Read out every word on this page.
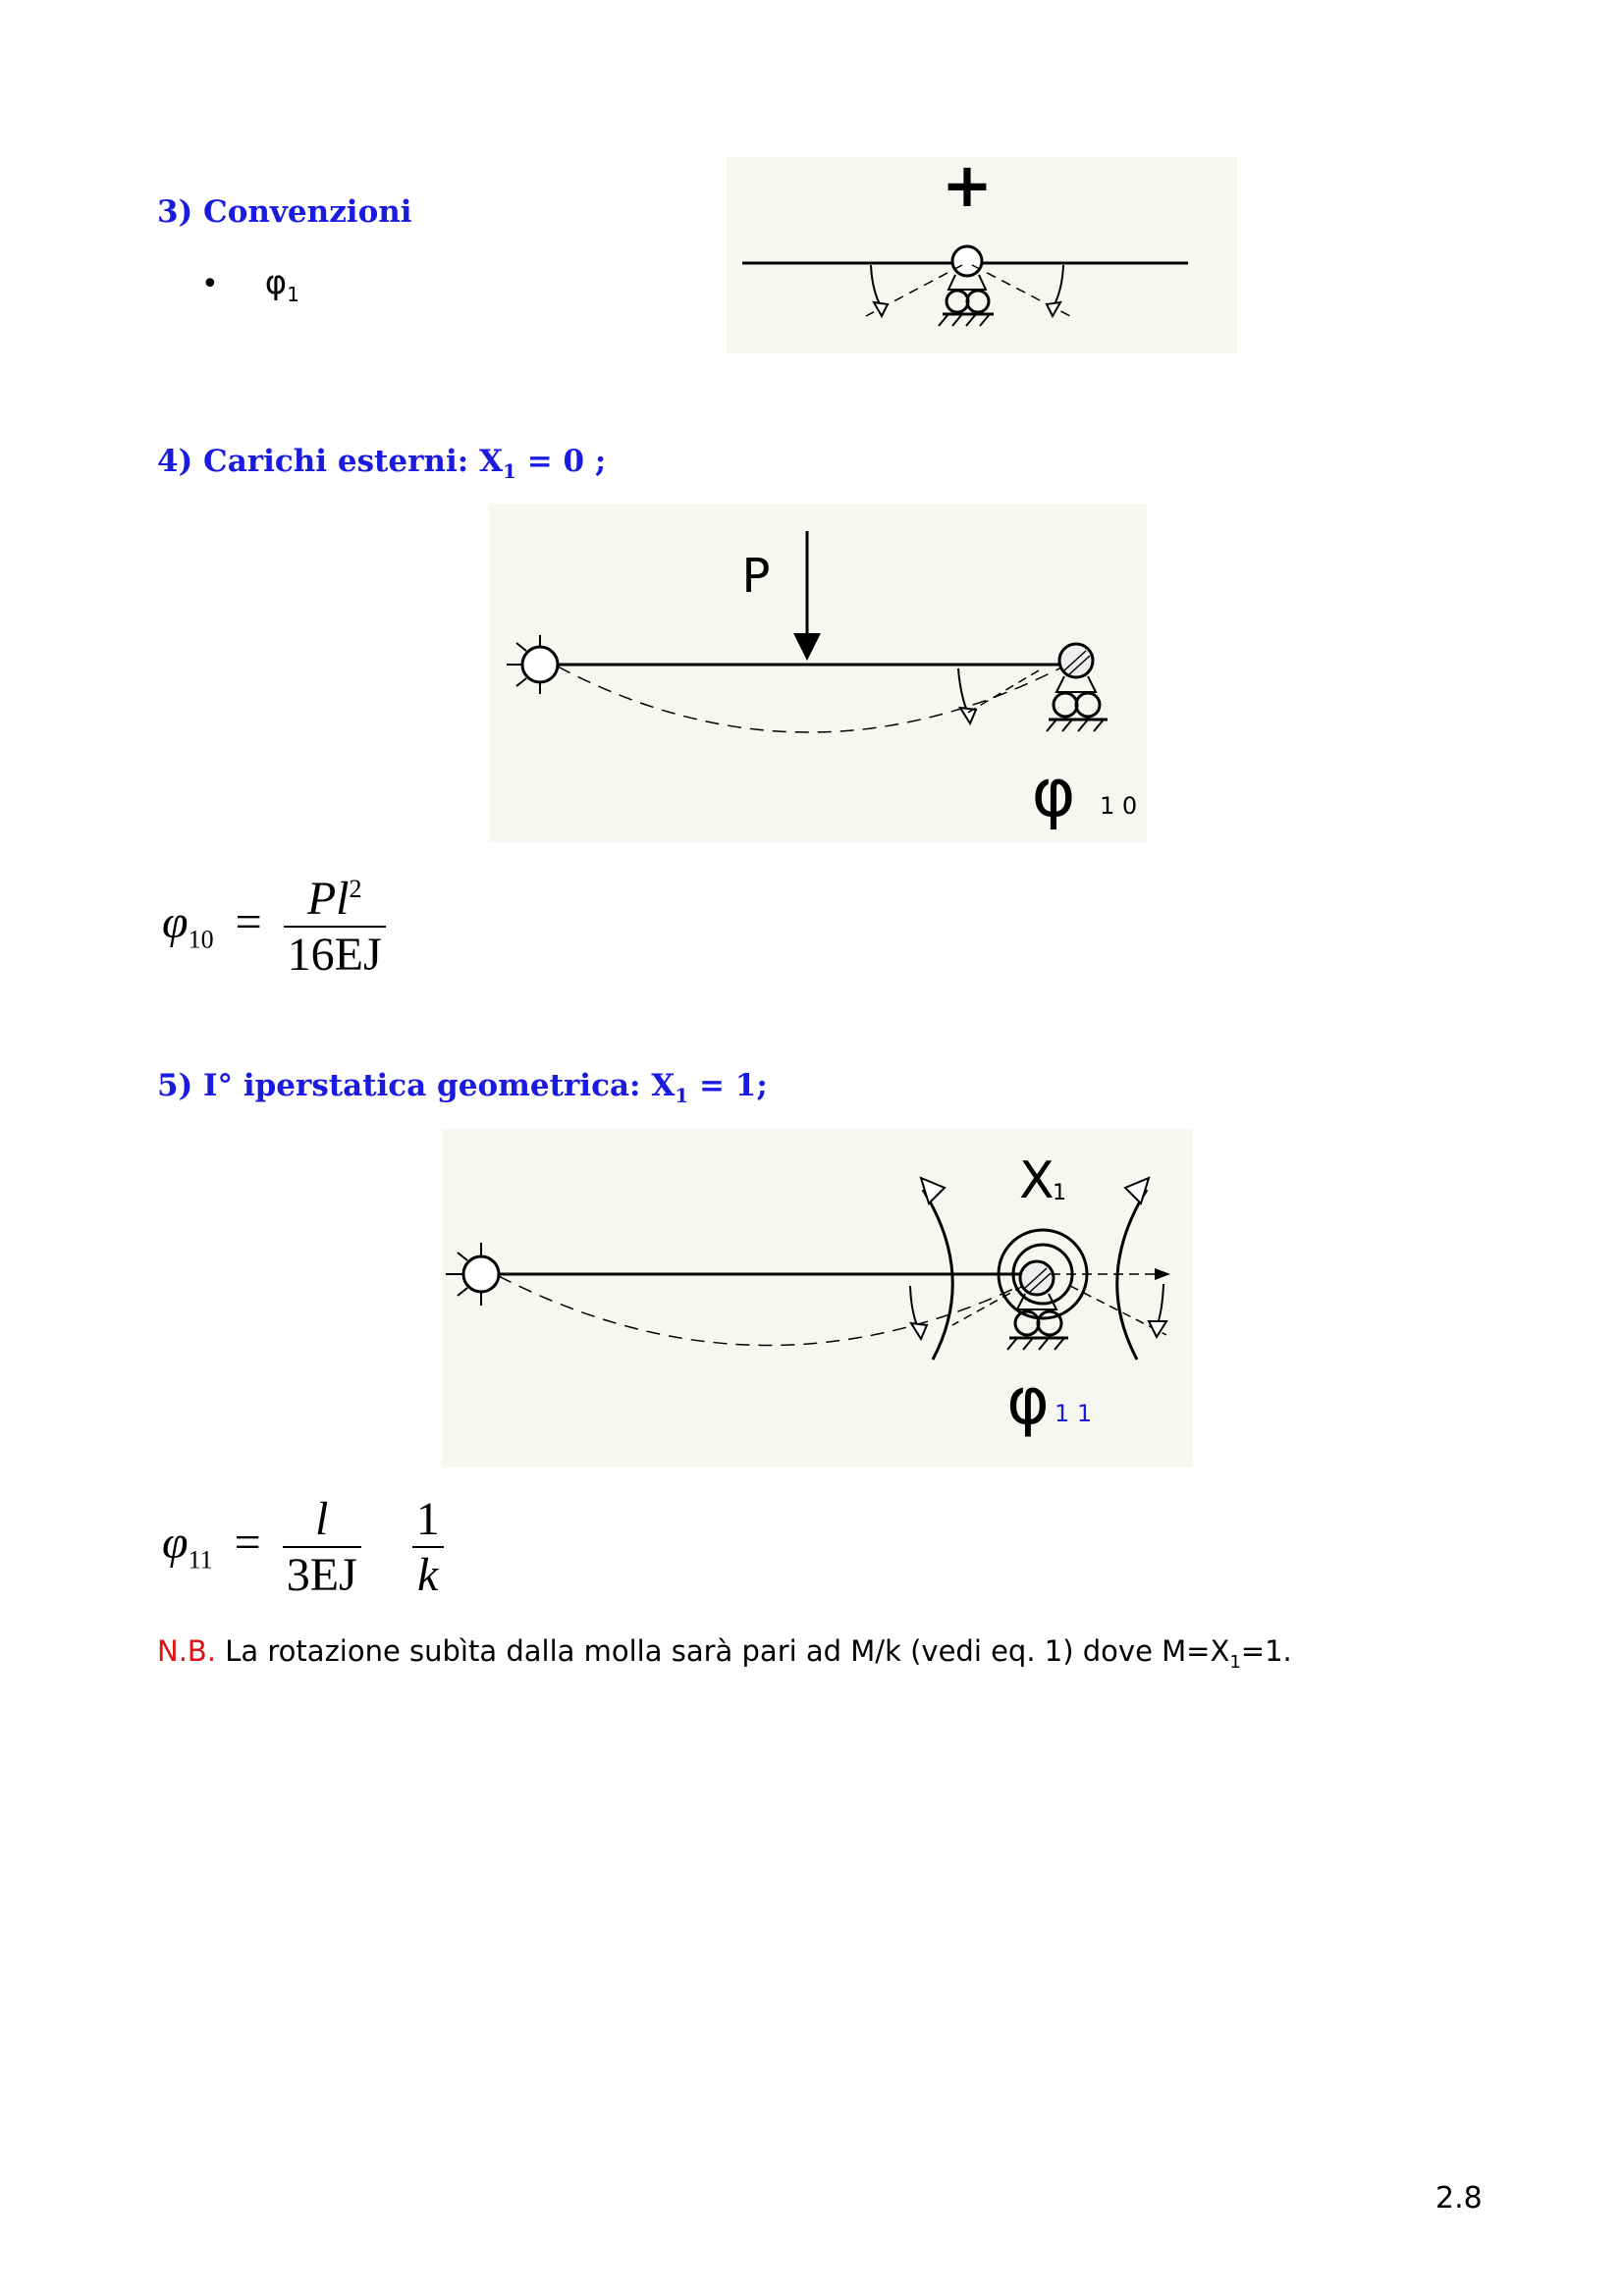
3) Convenzioni
• $\varphi_1$
+
4) Carichi esterni: $X_1 = 0$ ;
P
φ 1 0
$\varphi_{10} = \frac{Pl^2}{16EJ}$
5) I° iperstatica geometrica: $X_1 = 1$;
X
1
φ 1 1
$\varphi_{11} = \frac{l}{3EJ}$
$\frac{1}{k}$
N.B. La rotazione subìta dalla molla sarà pari ad M/k (vedi eq. 1) dove $M=X_1=1$.
2.8
